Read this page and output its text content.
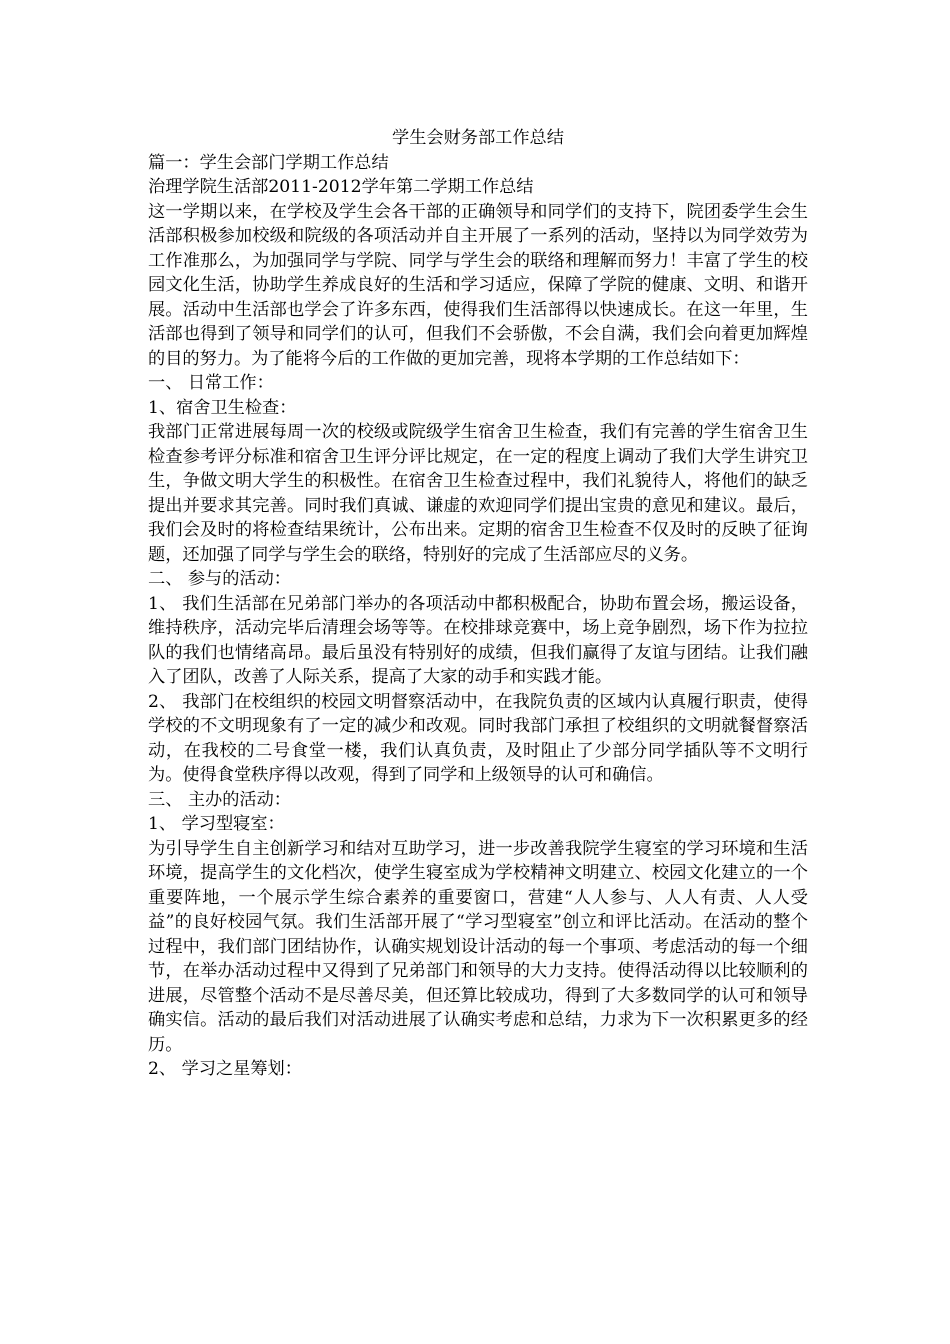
学生会财务部工作总结

篇一：学生会部门学期工作总结

治理学院生活部2011-2012学年第二学期工作总结

这一学期以来，在学校及学生会各干部的正确领导和同学们的支持下，院团委学生会生活部积极参加校级和院级的各项活动并自主开展了一系列的活动，坚持以为同学效劳为工作准那么，为加强同学与学院、同学与学生会的联络和理解而努力！丰富了学生的校园文化生活，协助学生养成良好的生活和学习适应，保障了学院的健康、文明、和谐开展。活动中生活部也学会了许多东西，使得我们生活部得以快速成长。在这一年里，生活部也得到了领导和同学们的认可，但我们不会骄傲，不会自满，我们会向着更加辉煌的目的努力。为了能将今后的工作做的更加完善，现将本学期的工作总结如下：

一、 日常工作：

1、宿舍卫生检查：

我部门正常进展每周一次的校级或院级学生宿舍卫生检查，我们有完善的学生宿舍卫生检查参考评分标准和宿舍卫生评分评比规定，在一定的程度上调动了我们大学生讲究卫生，争做文明大学生的积极性。在宿舍卫生检查过程中，我们礼貌待人，将他们的缺乏提出并要求其完善。同时我们真诚、谦虚的欢迎同学们提出宝贵的意见和建议。最后，我们会及时的将检查结果统计，公布出来。定期的宿舍卫生检查不仅及时的反映了征询题，还加强了同学与学生会的联络，特别好的完成了生活部应尽的义务。

二、 参与的活动：

1、 我们生活部在兄弟部门举办的各项活动中都积极配合，协助布置会场，搬运设备，维持秩序，活动完毕后清理会场等等。在校排球竞赛中，场上竞争剧烈，场下作为拉拉队的我们也情绪高昂。最后虽没有特别好的成绩，但我们赢得了友谊与团结。让我们融入了团队，改善了人际关系，提高了大家的动手和实践才能。

2、 我部门在校组织的校园文明督察活动中，在我院负责的区域内认真履行职责，使得学校的不文明现象有了一定的减少和改观。同时我部门承担了校组织的文明就餐督察活动，在我校的二号食堂一楼，我们认真负责，及时阻止了少部分同学插队等不文明行为。使得食堂秩序得以改观，得到了同学和上级领导的认可和确信。

三、 主办的活动：

1、 学习型寝室：

为引导学生自主创新学习和结对互助学习，进一步改善我院学生寝室的学习环境和生活环境，提高学生的文化档次，使学生寝室成为学校精神文明建立、校园文化建立的一个重要阵地，一个展示学生综合素养的重要窗口，营建“人人参与、人人有责、人人受益”的良好校园气氛。我们生活部开展了“学习型寝室”创立和评比活动。在活动的整个过程中，我们部门团结协作，认确实规划设计活动的每一个事项、考虑活动的每一个细节，在举办活动过程中又得到了兄弟部门和领导的大力支持。使得活动得以比较顺利的进展，尽管整个活动不是尽善尽美，但还算比较成功，得到了大多数同学的认可和领导确实信。活动的最后我们对活动进展了认确实考虑和总结，力求为下一次积累更多的经历。

2、 学习之星筹划：
